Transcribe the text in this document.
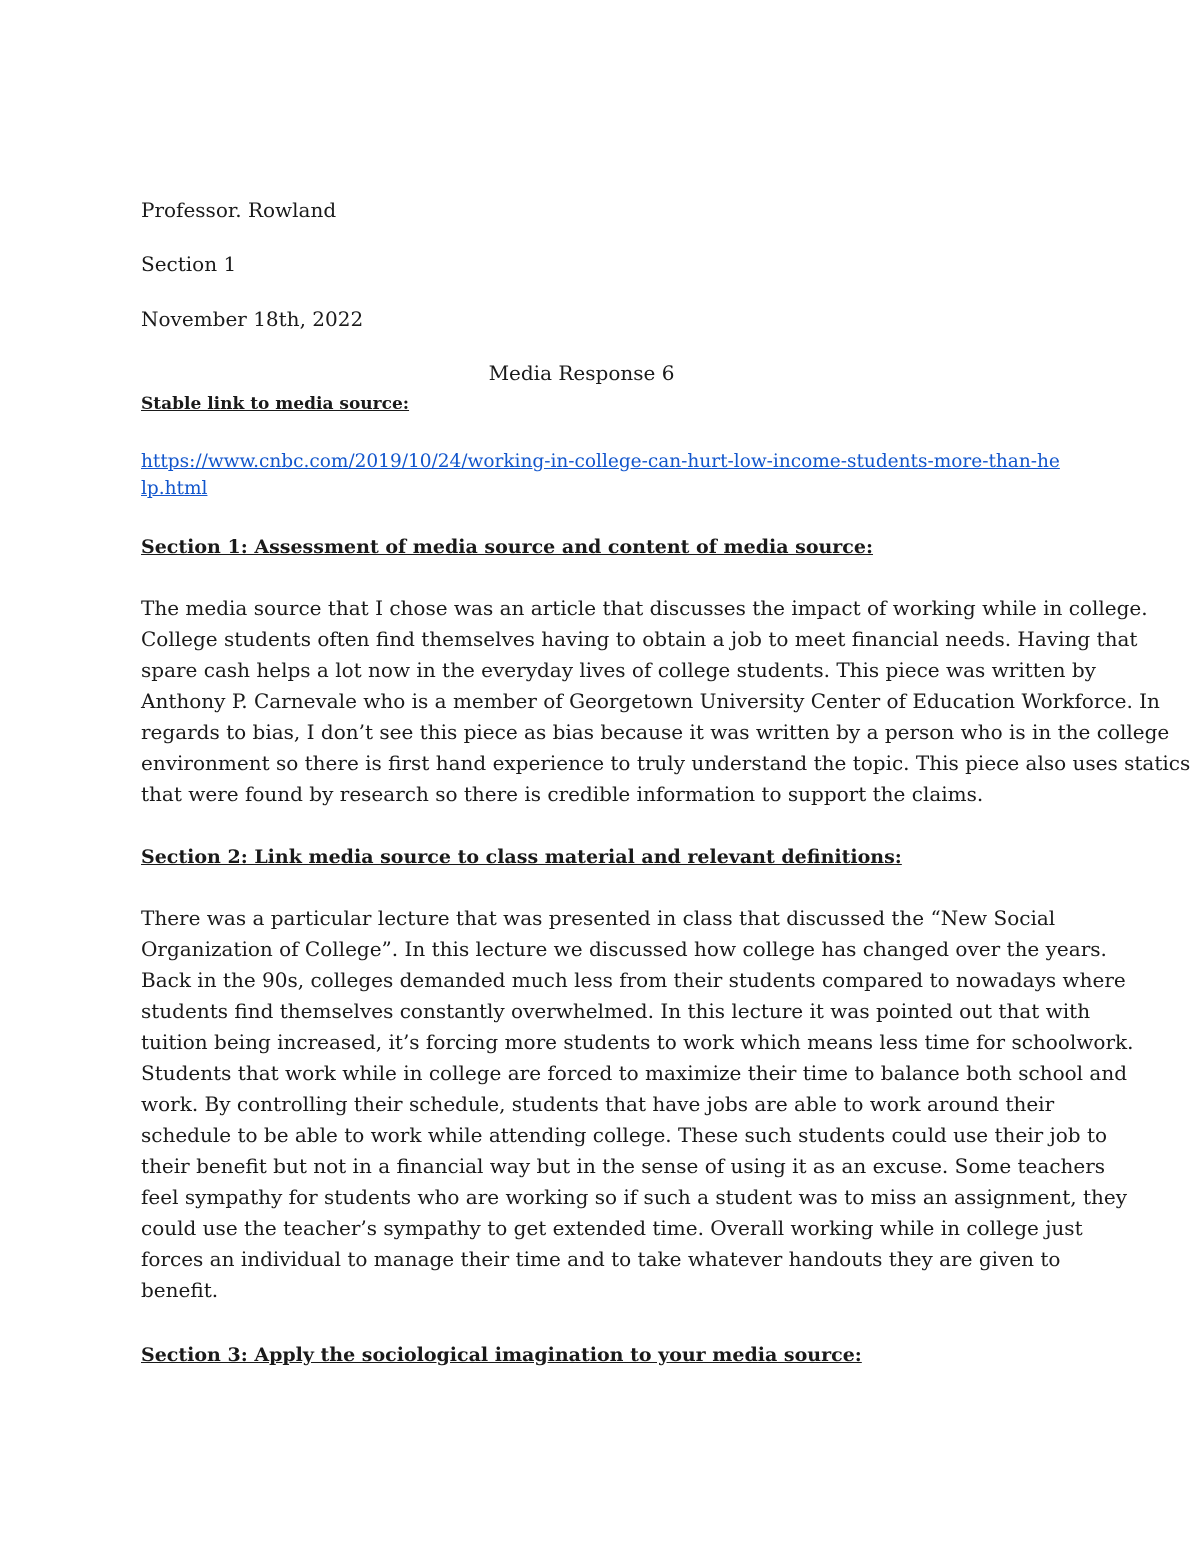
Professor. Rowland
Section 1
November 18th, 2022
Media Response 6
Stable link to media source:
https://www.cnbc.com/2019/10/24/working-in-college-can-hurt-low-income-students-more-than-help.html
Section 1: Assessment of media source and content of media source:
The media source that I chose was an article that discusses the impact of working while in college.
College students often find themselves having to obtain a job to meet financial needs. Having that
spare cash helps a lot now in the everyday lives of college students. This piece was written by
Anthony P. Carnevale who is a member of Georgetown University Center of Education Workforce. In
regards to bias, I don’t see this piece as bias because it was written by a person who is in the college
environment so there is first hand experience to truly understand the topic. This piece also uses statics
that were found by research so there is credible information to support the claims.
Section 2: Link media source to class material and relevant definitions:
There was a particular lecture that was presented in class that discussed the “New Social
Organization of College”. In this lecture we discussed how college has changed over the years.
Back in the 90s, colleges demanded much less from their students compared to nowadays where
students find themselves constantly overwhelmed. In this lecture it was pointed out that with
tuition being increased, it’s forcing more students to work which means less time for schoolwork.
Students that work while in college are forced to maximize their time to balance both school and
work. By controlling their schedule, students that have jobs are able to work around their
schedule to be able to work while attending college. These such students could use their job to
their benefit but not in a financial way but in the sense of using it as an excuse. Some teachers
feel sympathy for students who are working so if such a student was to miss an assignment, they
could use the teacher’s sympathy to get extended time. Overall working while in college just
forces an individual to manage their time and to take whatever handouts they are given to
benefit.
Section 3: Apply the sociological imagination to your media source:
